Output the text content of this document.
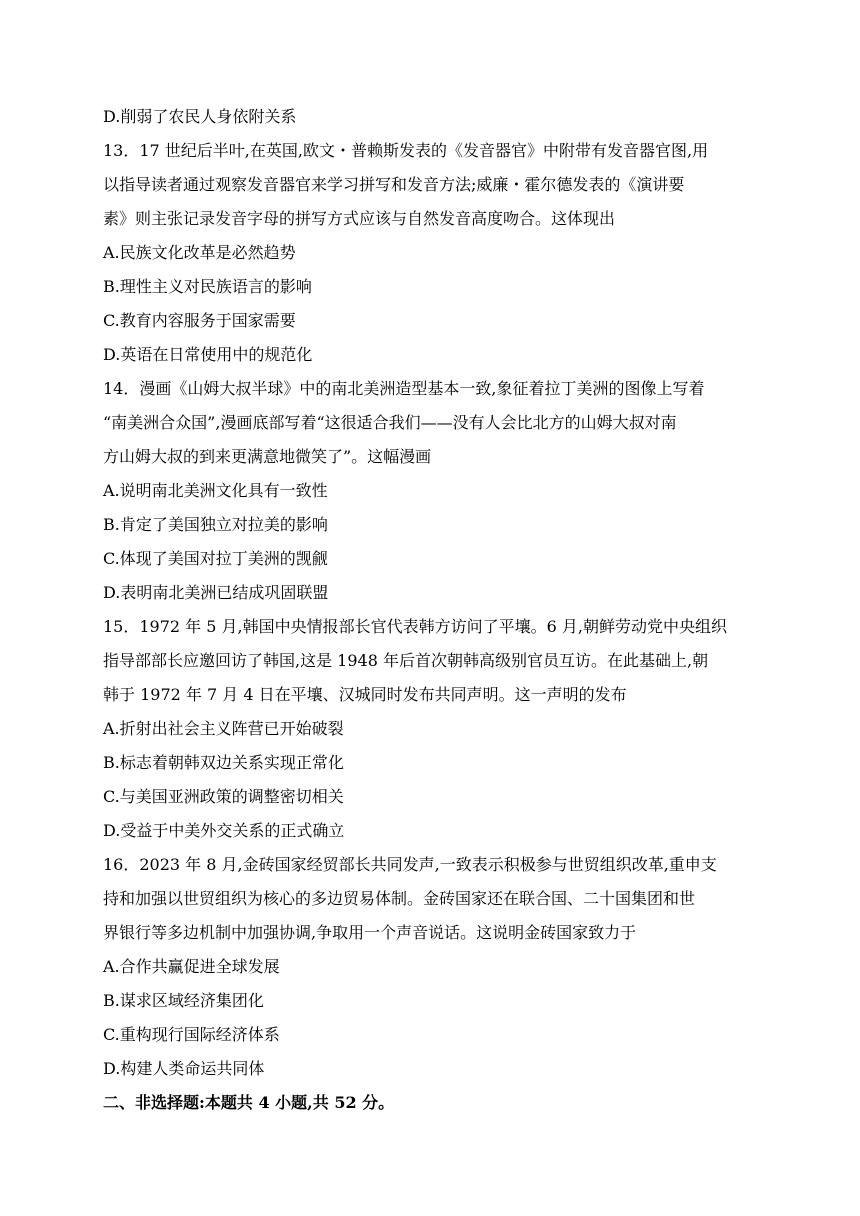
D.削弱了农民人身依附关系
13．17 世纪后半叶,在英国,欧文・普赖斯发表的《发音器官》中附带有发音器官图,用
以指导读者通过观察发音器官来学习拼写和发音方法;威廉・霍尔德发表的《演讲要
素》则主张记录发音字母的拼写方式应该与自然发音高度吻合。这体现出
A.民族文化改革是必然趋势
B.理性主义对民族语言的影响
C.教育内容服务于国家需要
D.英语在日常使用中的规范化
14．漫画《山姆大叔半球》中的南北美洲造型基本一致,象征着拉丁美洲的图像上写着
“南美洲合众国”,漫画底部写着“这很适合我们——没有人会比北方的山姆大叔对南
方山姆大叔的到来更满意地微笑了”。这幅漫画
A.说明南北美洲文化具有一致性
B.肯定了美国独立对拉美的影响
C.体现了美国对拉丁美洲的觊觎
D.表明南北美洲已结成巩固联盟
15．1972 年 5 月,韩国中央情报部长官代表韩方访问了平壤。6 月,朝鲜劳动党中央组织
指导部部长应邀回访了韩国,这是 1948 年后首次朝韩高级别官员互访。在此基础上,朝
韩于 1972 年 7 月 4 日在平壤、汉城同时发布共同声明。这一声明的发布
A.折射出社会主义阵营已开始破裂
B.标志着朝韩双边关系实现正常化
C.与美国亚洲政策的调整密切相关
D.受益于中美外交关系的正式确立
16．2023 年 8 月,金砖国家经贸部长共同发声,一致表示积极参与世贸组织改革,重申支
持和加强以世贸组织为核心的多边贸易体制。金砖国家还在联合国、二十国集团和世
界银行等多边机制中加强协调,争取用一个声音说话。这说明金砖国家致力于
A.合作共赢促进全球发展
B.谋求区域经济集团化
C.重构现行国际经济体系
D.构建人类命运共同体
二、非选择题:本题共 4 小题,共 52 分。
